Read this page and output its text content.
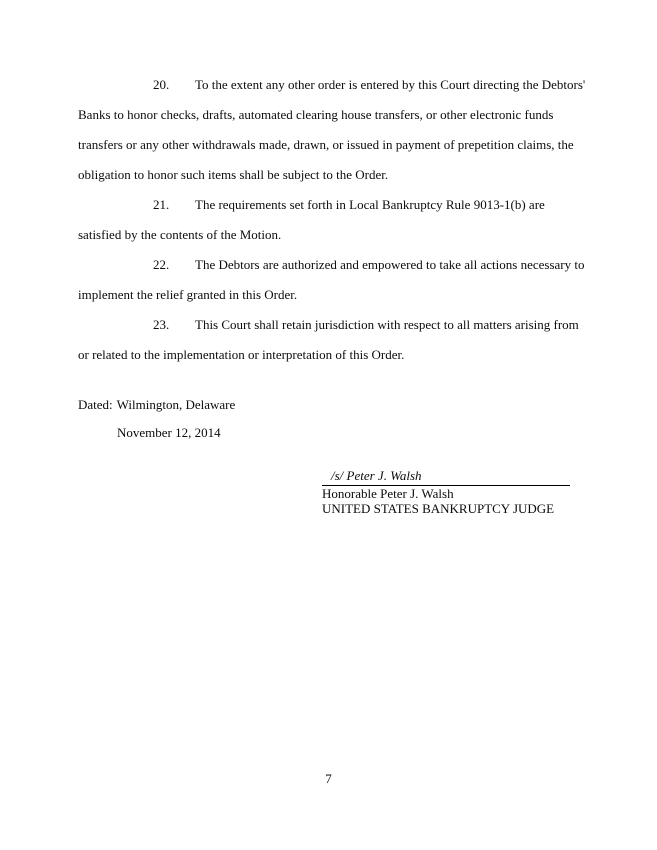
20. To the extent any other order is entered by this Court directing the Debtors' Banks to honor checks, drafts, automated clearing house transfers, or other electronic funds transfers or any other withdrawals made, drawn, or issued in payment of prepetition claims, the obligation to honor such items shall be subject to the Order.

21. The requirements set forth in Local Bankruptcy Rule 9013-1(b) are satisfied by the contents of the Motion.

22. The Debtors are authorized and empowered to take all actions necessary to implement the relief granted in this Order.

23. This Court shall retain jurisdiction with respect to all matters arising from or related to the implementation or interpretation of this Order.

Dated: Wilmington, Delaware
November 12, 2014
/s/ Peter J. Walsh
Honorable Peter J. Walsh
UNITED STATES BANKRUPTCY JUDGE
7
